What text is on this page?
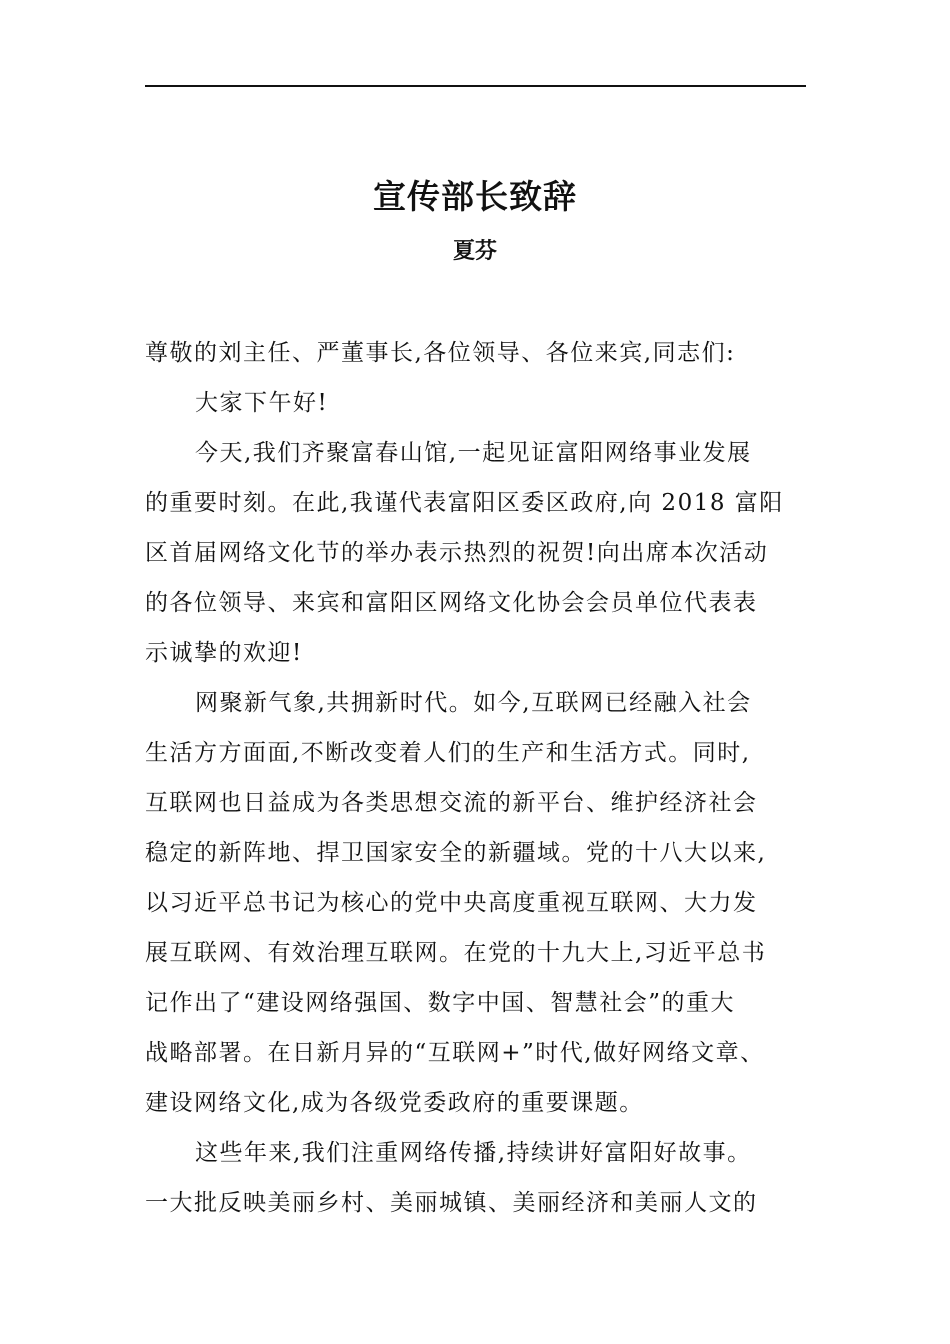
宣传部长致辞
夏芬
尊敬的刘主任、严董事长,各位领导、各位来宾,同志们:
大家下午好!
今天,我们齐聚富春山馆,一起见证富阳网络事业发展
的重要时刻。在此,我谨代表富阳区委区政府,向 2018 富阳
区首届网络文化节的举办表示热烈的祝贺!向出席本次活动
的各位领导、来宾和富阳区网络文化协会会员单位代表表
示诚挚的欢迎!
网聚新气象,共拥新时代。如今,互联网已经融入社会
生活方方面面,不断改变着人们的生产和生活方式。同时,
互联网也日益成为各类思想交流的新平台、维护经济社会
稳定的新阵地、捍卫国家安全的新疆域。党的十八大以来,
以习近平总书记为核心的党中央高度重视互联网、大力发
展互联网、有效治理互联网。在党的十九大上,习近平总书
记作出了“建设网络强国、数字中国、智慧社会”的重大
战略部署。在日新月异的“互联网+”时代,做好网络文章、
建设网络文化,成为各级党委政府的重要课题。
这些年来,我们注重网络传播,持续讲好富阳好故事。
一大批反映美丽乡村、美丽城镇、美丽经济和美丽人文的
